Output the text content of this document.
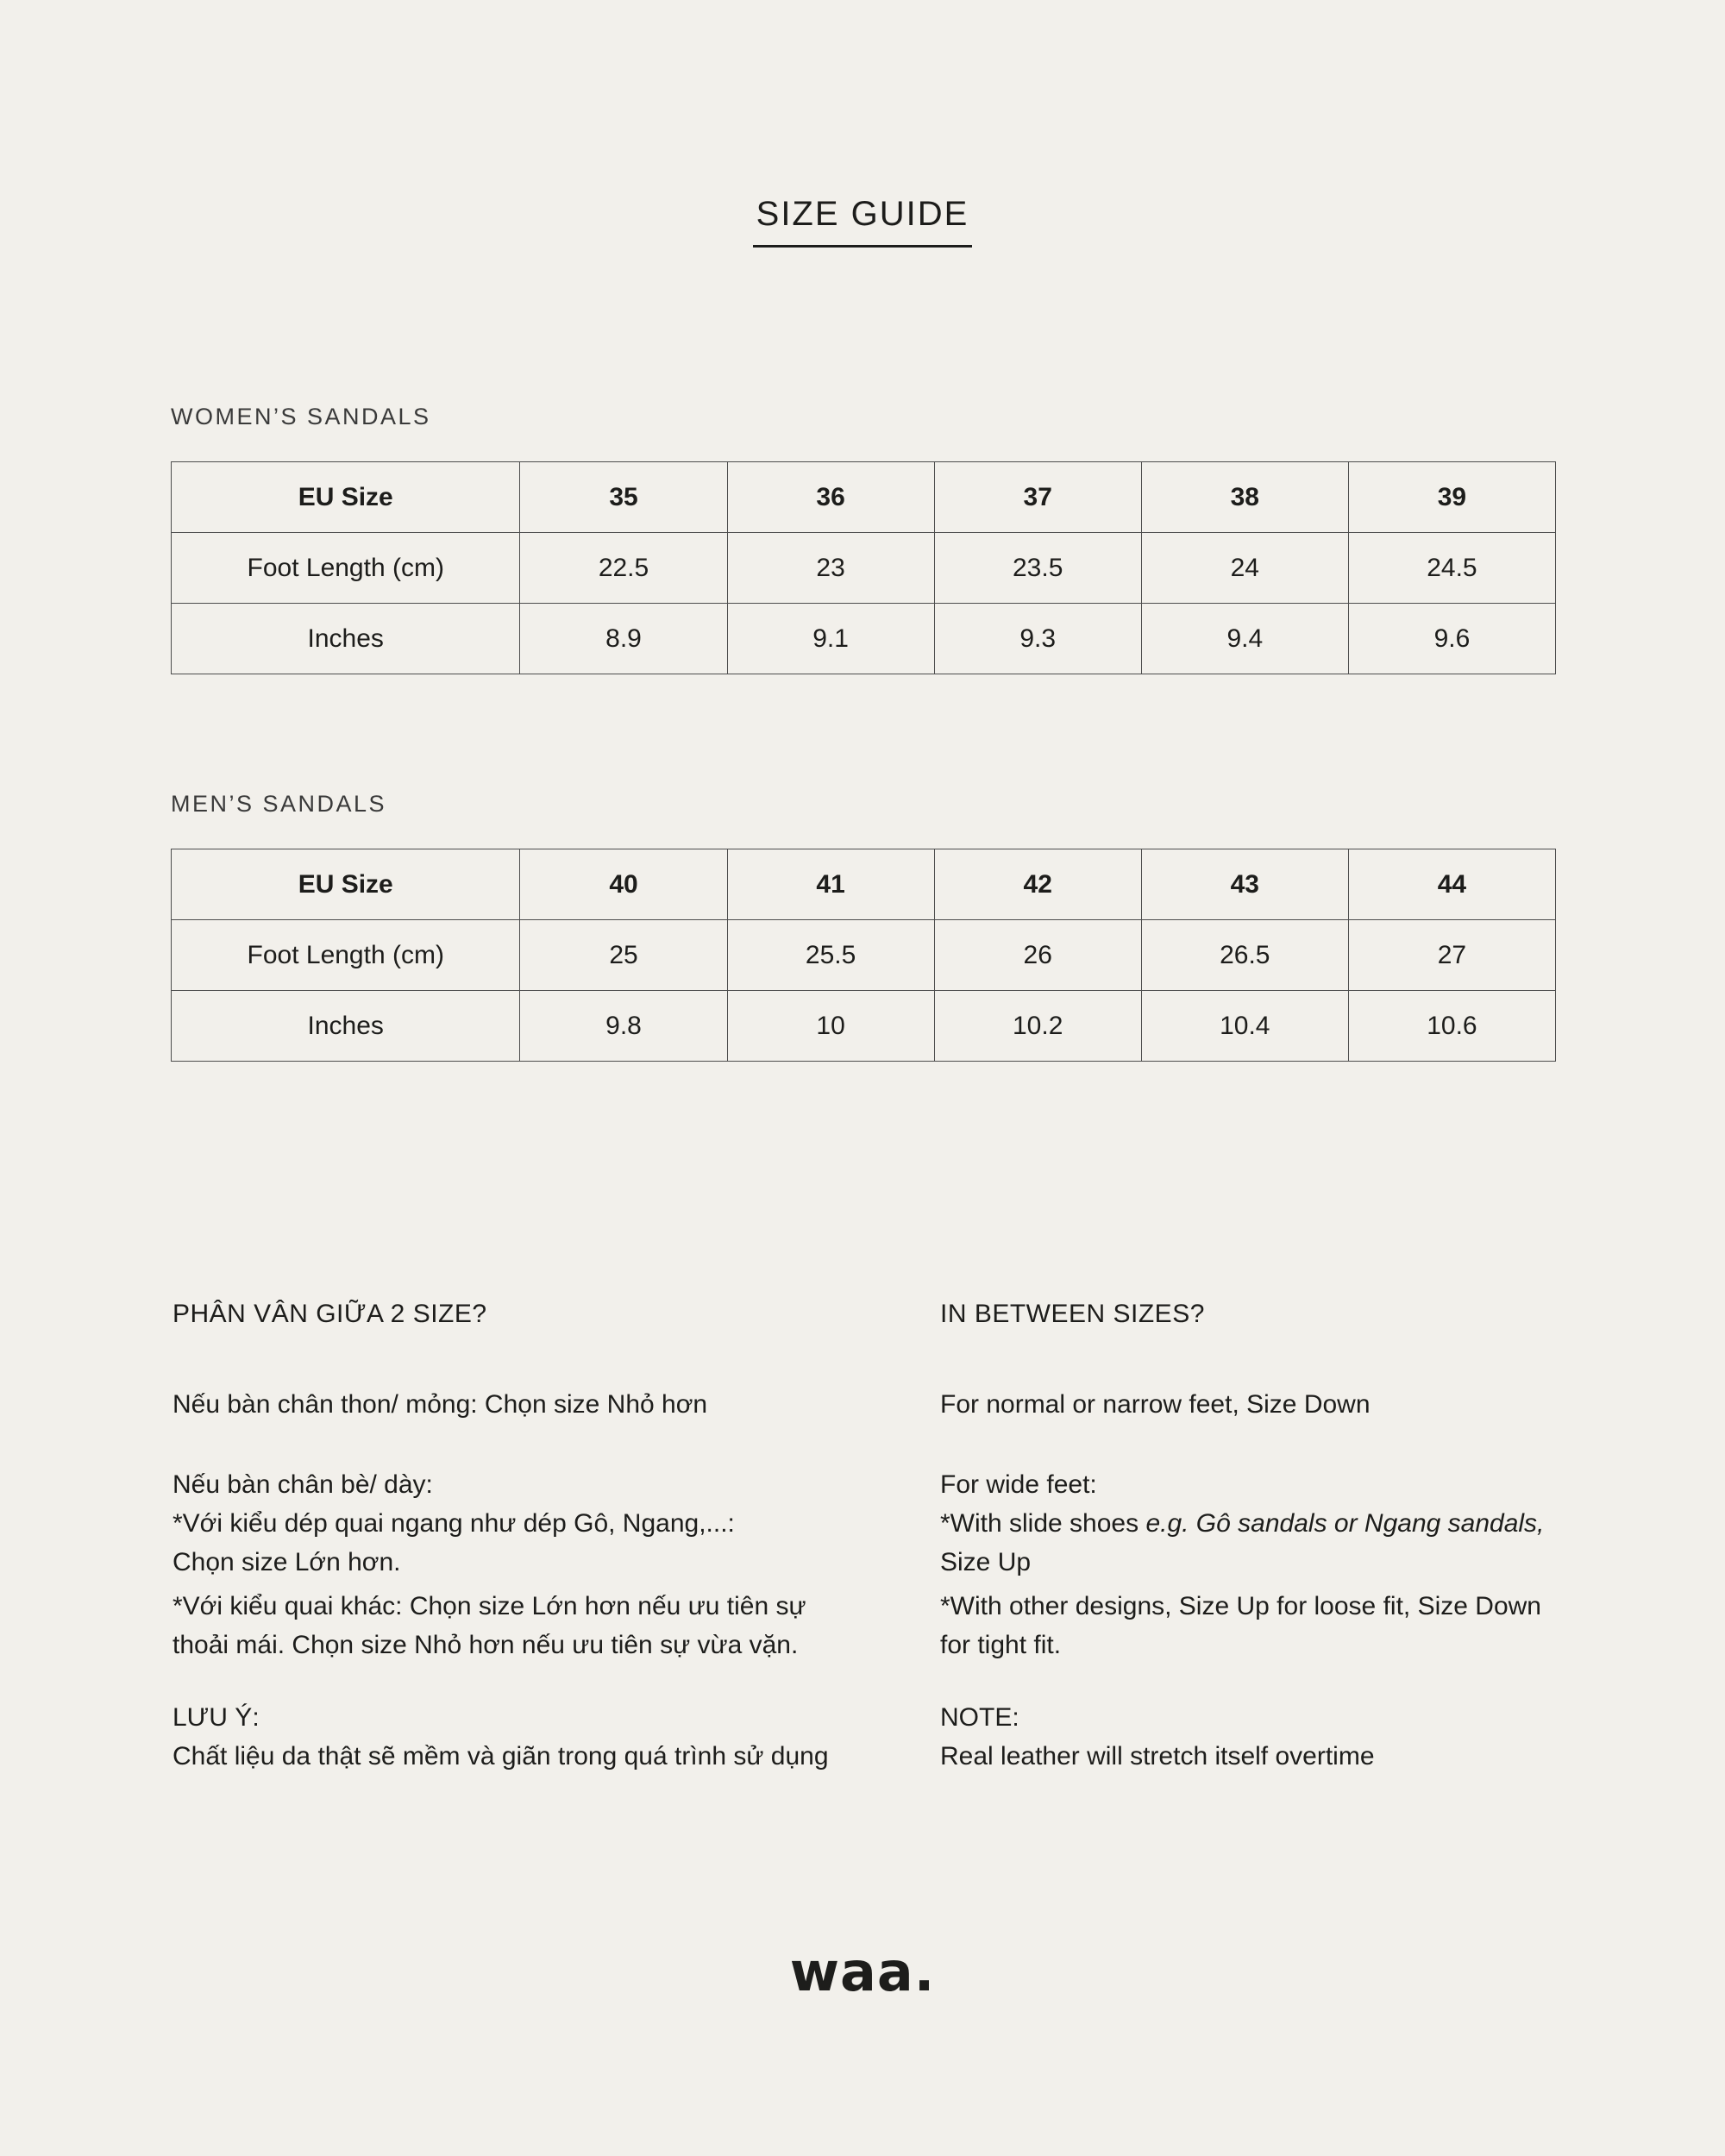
SIZE GUIDE
WOMEN’S SANDALS
EU Size	35	36	37	38	39
Foot Length (cm)	22.5	23	23.5	24	24.5
Inches	8.9	9.1	9.3	9.4	9.6
MEN’S SANDALS
EU Size	40	41	42	43	44
Foot Length (cm)	25	25.5	26	26.5	27
Inches	9.8	10	10.2	10.4	10.6
PHÂN VÂN GIỮA 2 SIZE?
Nếu bàn chân thon/ mỏng: Chọn size Nhỏ hơn
Nếu bàn chân bè/ dày:
*Với kiểu dép quai ngang như dép Gô, Ngang,...:
Chọn size Lớn hơn.
*Với kiểu quai khác: Chọn size Lớn hơn nếu ưu tiên sự
thoải mái. Chọn size Nhỏ hơn nếu ưu tiên sự vừa vặn.
LƯU Ý:
Chất liệu da thật sẽ mềm và giãn trong quá trình sử dụng
IN BETWEEN SIZES?
For normal or narrow feet, Size Down
For wide feet:
*With slide shoes e.g. Gô sandals or Ngang sandals,
Size Up
*With other designs, Size Up for loose fit, Size Down
for tight fit.
NOTE:
Real leather will stretch itself overtime
waa.
